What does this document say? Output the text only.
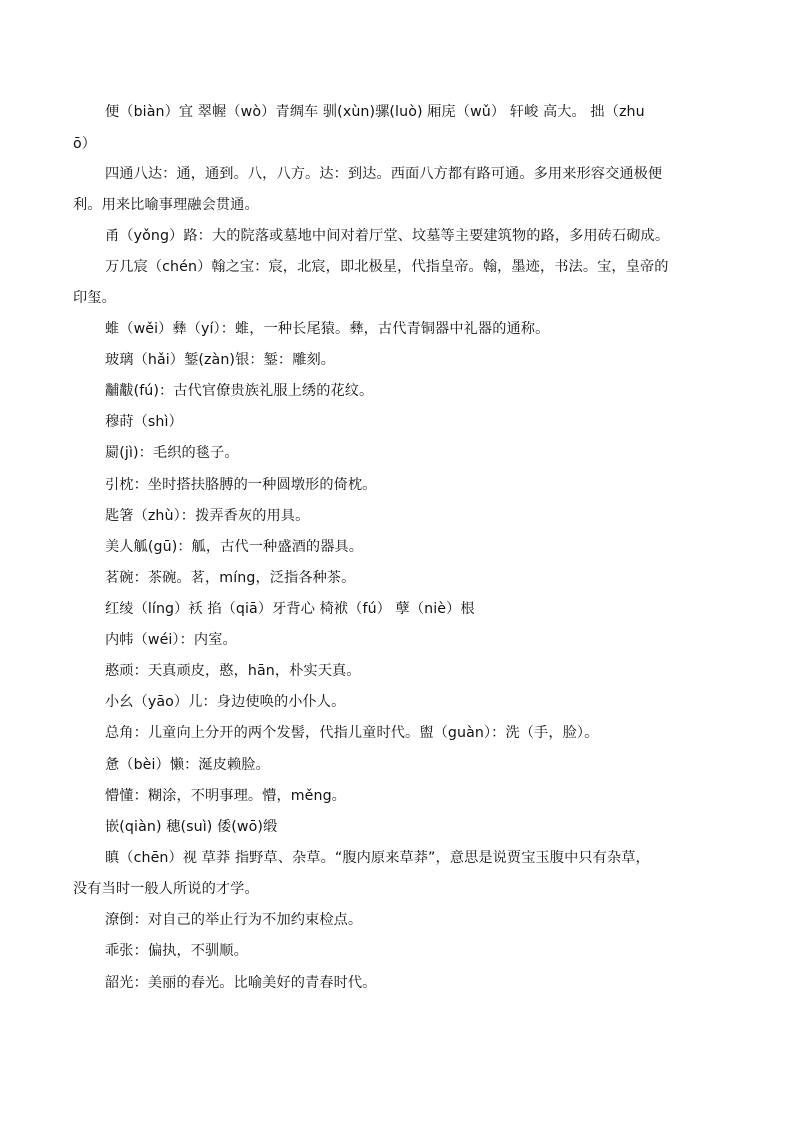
便（biàn）宜 翠幄（wò）青绸车 驯(xùn)骡(luò) 厢庑（wǔ） 轩峻 高大。 拙（zhu
ō）
四通八达：通，通到。八，八方。达：到达。西面八方都有路可通。多用来形容交通极便
利。用来比喻事理融会贯通。
甬（yǒng）路：大的院落或墓地中间对着厅堂、坟墓等主要建筑物的路，多用砖石砌成。
万几宸（chén）翰之宝：宸，北宸，即北极星，代指皇帝。翰，墨迹，书法。宝，皇帝的
印玺。
蜼（wěi）彝（yí）：蜼，一种长尾猿。彝，古代青铜器中礼器的通称。
玻璃（hǎi）錾(zàn)银：錾：雕刻。
黼黻(fú)：古代官僚贵族礼服上绣的花纹。
穆莳（shì）
罽(jì)：毛织的毯子。
引枕：坐时搭扶胳膊的一种圆墩形的倚枕。
匙箸（zhù）：拨弄香灰的用具。
美人觚(gū)：觚，古代一种盛酒的器具。
茗碗：茶碗。茗，míng，泛指各种茶。
红绫（líng）袄 掐（qiā）牙背心 椅袱（fú） 孽（niè）根
内帏（wéi）：内室。
憨顽：天真顽皮，憨，hān，朴实天真。
小幺（yāo）儿：身边使唤的小仆人。
总角：儿童向上分开的两个发髻，代指儿童时代。盥（guàn）：洗（手，脸）。
惫（bèi）懒：涎皮赖脸。
懵懂：糊涂，不明事理。懵，měng。
嵌(qiàn) 穗(suì) 倭(wō)缎
瞋（chēn）视 草莽 指野草、杂草。“腹内原来草莽”，意思是说贾宝玉腹中只有杂草，
没有当时一般人所说的才学。
潦倒：对自己的举止行为不加约束检点。
乖张：偏执，不驯顺。
韶光：美丽的春光。比喻美好的青春时代。
